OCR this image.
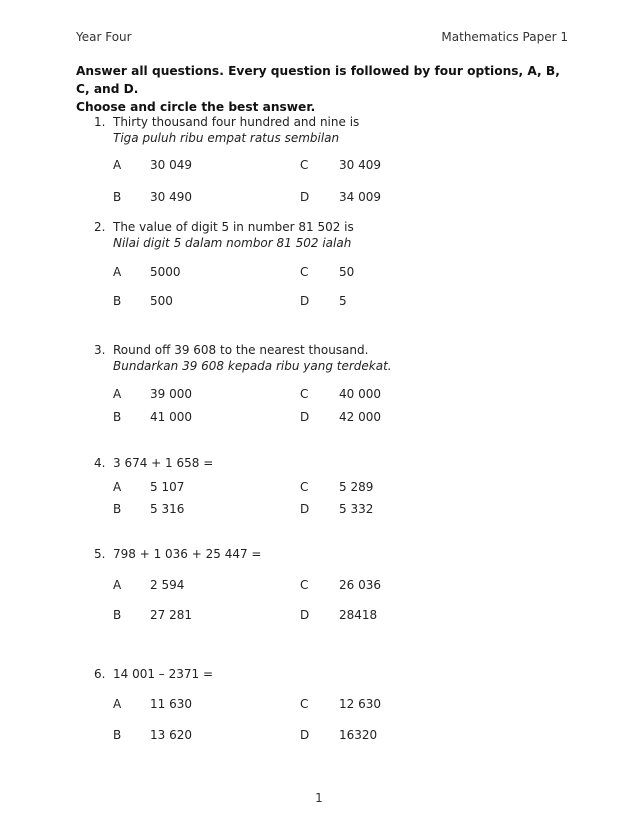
Year Four	Mathematics Paper 1
Answer all questions. Every question is followed by four options, A, B, C, and D.
Choose and circle the best answer.
1. Thirty thousand four hundred and nine is
Tiga puluh ribu empat ratus sembilan
A 30 049	C	30 409
B 30 490	D 34 009
2. The value of digit 5 in number 81 502 is
Nilai digit 5 dalam nombor 81 502 ialah
A 5000	C	50
B 500	D 5
3. Round off 39 608 to the nearest thousand.
Bundarkan 39 608 kepada ribu yang terdekat.
A 39 000	C	40 000
B 41 000	D 42 000
4. 3 674 + 1 658 =
A 5 107	C	5 289
B 5 316	D 5 332
5. 798 + 1 036 + 25 447 =
A 2 594	C	26 036
B 27 281	D 28418
6. 14 001 – 2371 =
A 11 630	C	12 630
B 13 620	D 16320
1
